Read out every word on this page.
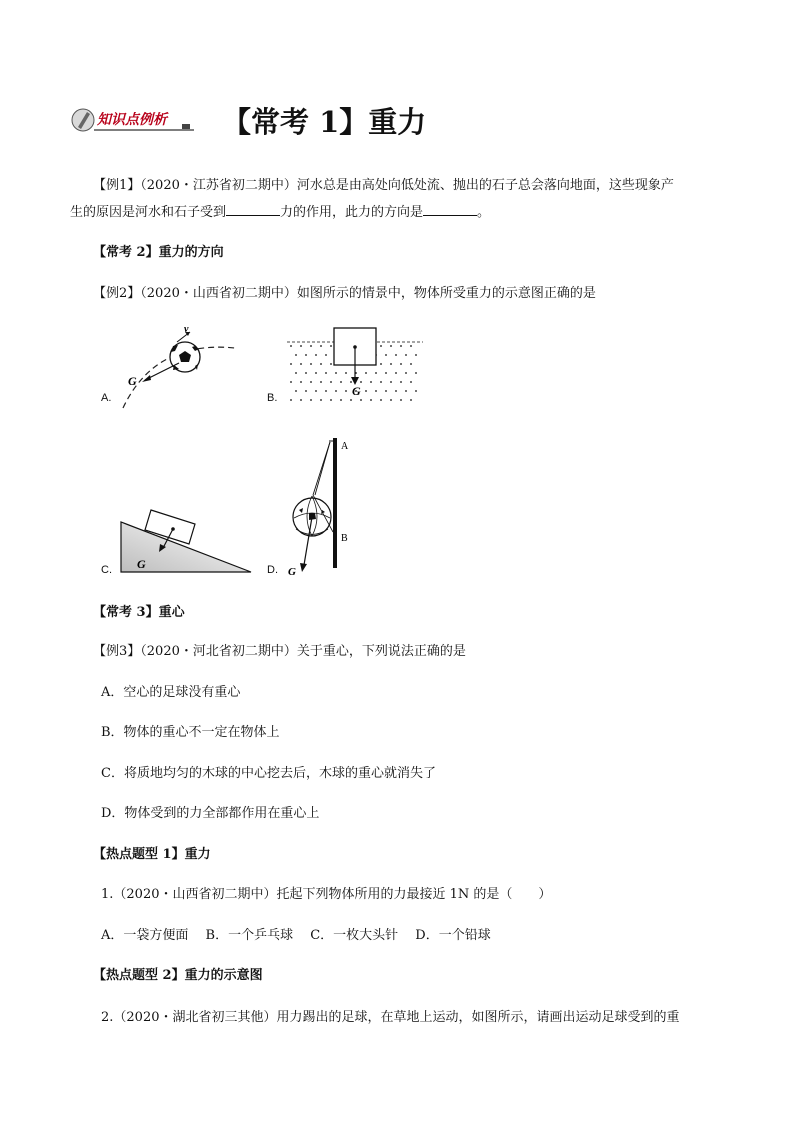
知识点例析 【常考 1】重力
【例1】（2020・江苏省初二期中）河水总是由高处向低处流、抛出的石子总会落向地面，这些现象产
生的原因是河水和石子受到	力的作用，此力的方向是	。
【常考 2】重力的方向
【例2】（2020・山西省初二期中）如图所示的情景中，物体所受重力的示意图正确的是
A.
v
G
B.	G
C. G	D.
A
B
G
【常考 3】重心
【例3】（2020・河北省初二期中）关于重心，下列说法正确的是
A．空心的足球没有重心
B．物体的重心不一定在物体上
C．将质地均匀的木球的中心挖去后，木球的重心就消失了
D．物体受到的力全部都作用在重心上
【热点题型 1】重力
1.（2020・山西省初二期中）托起下列物体所用的力最接近 1N 的是（　　）
A．一袋方便面　 B．一个乒乓球　 C．一枚大头针　 D．一个铅球
【热点题型 2】重力的示意图
2.（2020・湖北省初三其他）用力踢出的足球，在草地上运动，如图所示，请画出运动足球受到的重
